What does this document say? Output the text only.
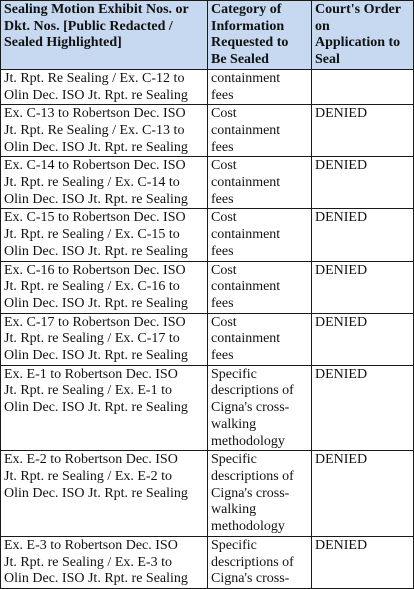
Sealing Motion Exhibit Nos. or
Dkt. Nos. [Public Redacted /
Sealed Highlighted]	Category of
Information
Requested to
Be Sealed	Court's Order
on
Application to
Seal

Jt. Rpt. Re Sealing / Ex. C-12 to
Olin Dec. ISO Jt. Rpt. re Sealing	containment
fees	

Ex. C-13 to Robertson Dec. ISO
Jt. Rpt. Re Sealing / Ex. C-13 to
Olin Dec. ISO Jt. Rpt. re Sealing	Cost
containment
fees	DENIED

Ex. C-14 to Robertson Dec. ISO
Jt. Rpt. re Sealing / Ex. C-14 to
Olin Dec. ISO Jt. Rpt. re Sealing	Cost
containment
fees	DENIED

Ex. C-15 to Robertson Dec. ISO
Jt. Rpt. re Sealing / Ex. C-15 to
Olin Dec. ISO Jt. Rpt. re Sealing	Cost
containment
fees	DENIED

Ex. C-16 to Robertson Dec. ISO
Jt. Rpt. re Sealing / Ex. C-16 to
Olin Dec. ISO Jt. Rpt. re Sealing	Cost
containment
fees	DENIED

Ex. C-17 to Robertson Dec. ISO
Jt. Rpt. re Sealing / Ex. C-17 to
Olin Dec. ISO Jt. Rpt. re Sealing	Cost
containment
fees	DENIED

Ex. E-1 to Robertson Dec. ISO
Jt. Rpt. re Sealing / Ex. E-1 to
Olin Dec. ISO Jt. Rpt. re Sealing	Specific
descriptions of
Cigna's cross-
walking
methodology	DENIED

Ex. E-2 to Robertson Dec. ISO
Jt. Rpt. re Sealing / Ex. E-2 to
Olin Dec. ISO Jt. Rpt. re Sealing	Specific
descriptions of
Cigna's cross-
walking
methodology	DENIED

Ex. E-3 to Robertson Dec. ISO
Jt. Rpt. re Sealing / Ex. E-3 to
Olin Dec. ISO Jt. Rpt. re Sealing	Specific
descriptions of
Cigna's cross-	DENIED
